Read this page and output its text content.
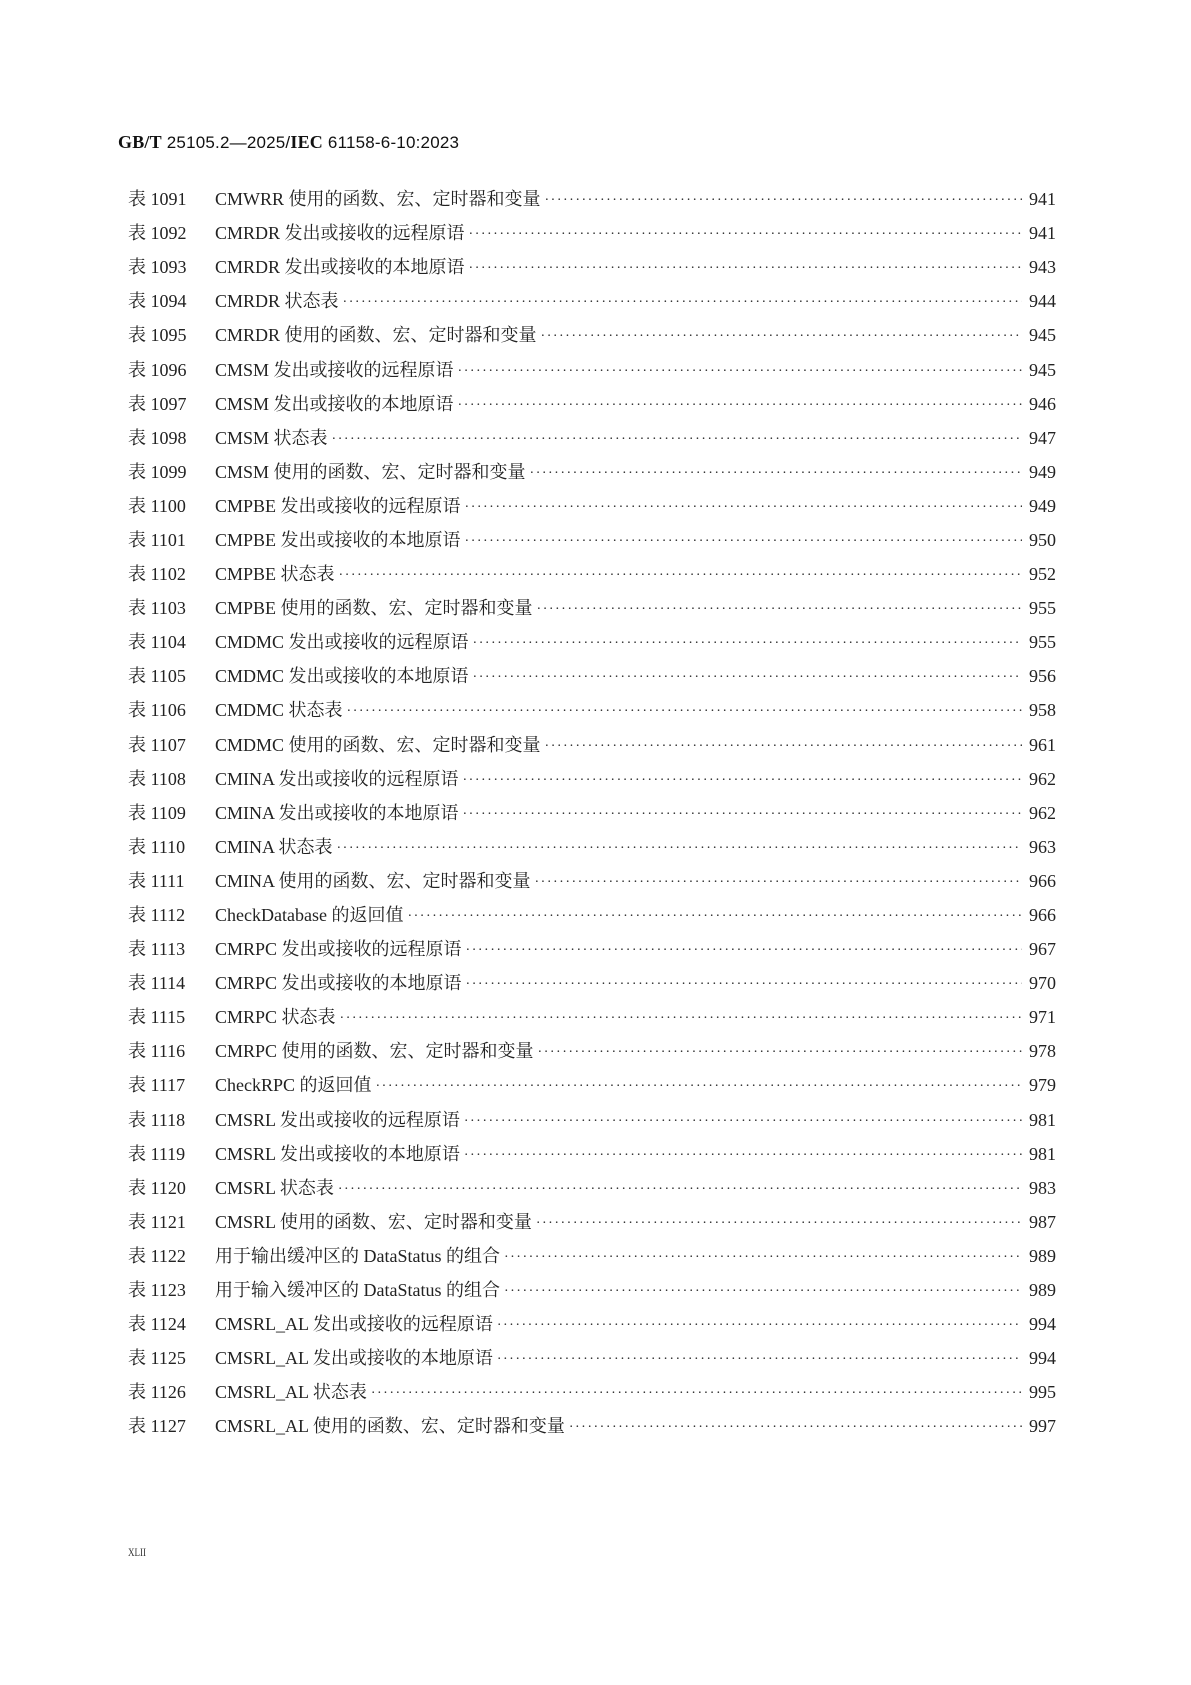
GB/T 25105.2—2025/IEC 61158-6-10:2023
表 1091	CMWRR 使用的函数、宏、定时器和变量 ·····	941
表 1092	CMRDR 发出或接收的远程原语 ·····	941
表 1093	CMRDR 发出或接收的本地原语 ·····	943
表 1094	CMRDR 状态表 ·····	944
表 1095	CMRDR 使用的函数、宏、定时器和变量 ·····	945
表 1096	CMSM 发出或接收的远程原语 ·····	945
表 1097	CMSM 发出或接收的本地原语 ·····	946
表 1098	CMSM 状态表 ·····	947
表 1099	CMSM 使用的函数、宏、定时器和变量 ·····	949
表 1100	CMPBE 发出或接收的远程原语 ·····	949
表 1101	CMPBE 发出或接收的本地原语 ·····	950
表 1102	CMPBE 状态表 ·····	952
表 1103	CMPBE 使用的函数、宏、定时器和变量 ·····	955
表 1104	CMDMC 发出或接收的远程原语 ·····	955
表 1105	CMDMC 发出或接收的本地原语 ·····	956
表 1106	CMDMC 状态表 ·····	958
表 1107	CMDMC 使用的函数、宏、定时器和变量 ·····	961
表 1108	CMINA 发出或接收的远程原语 ·····	962
表 1109	CMINA 发出或接收的本地原语 ·····	962
表 1110	CMINA 状态表 ·····	963
表 1111	CMINA 使用的函数、宏、定时器和变量 ·····	966
表 1112	CheckDatabase 的返回值 ·····	966
表 1113	CMRPC 发出或接收的远程原语 ·····	967
表 1114	CMRPC 发出或接收的本地原语 ·····	970
表 1115	CMRPC 状态表 ·····	971
表 1116	CMRPC 使用的函数、宏、定时器和变量 ·····	978
表 1117	CheckRPC 的返回值 ·····	979
表 1118	CMSRL 发出或接收的远程原语 ·····	981
表 1119	CMSRL 发出或接收的本地原语 ·····	981
表 1120	CMSRL 状态表 ·····	983
表 1121	CMSRL 使用的函数、宏、定时器和变量 ·····	987
表 1122	用于输出缓冲区的 DataStatus 的组合 ·····	989
表 1123	用于输入缓冲区的 DataStatus 的组合 ·····	989
表 1124	CMSRL_AL 发出或接收的远程原语 ·····	994
表 1125	CMSRL_AL 发出或接收的本地原语 ·····	994
表 1126	CMSRL_AL 状态表 ·····	995
表 1127	CMSRL_AL 使用的函数、宏、定时器和变量 ·····	997
XLII
